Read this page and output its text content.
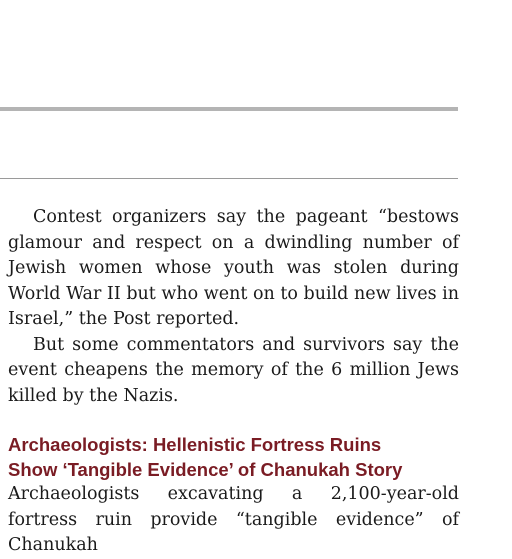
Contest organizers say the pageant “bestows glamour and respect on a dwindling number of Jewish women whose youth was stolen during World War II but who went on to build new lives in Israel,” the Post reported.

But some commentators and survivors say the event cheapens the memory of the 6 million Jews killed by the Nazis.

Archaeologists: Hellenistic Fortress Ruins
Show ‘Tangible Evidence’ of Chanukah Story

Archaeologists excavating a 2,100-year-old fortress ruin provide “tangible evidence” of Chanukah
